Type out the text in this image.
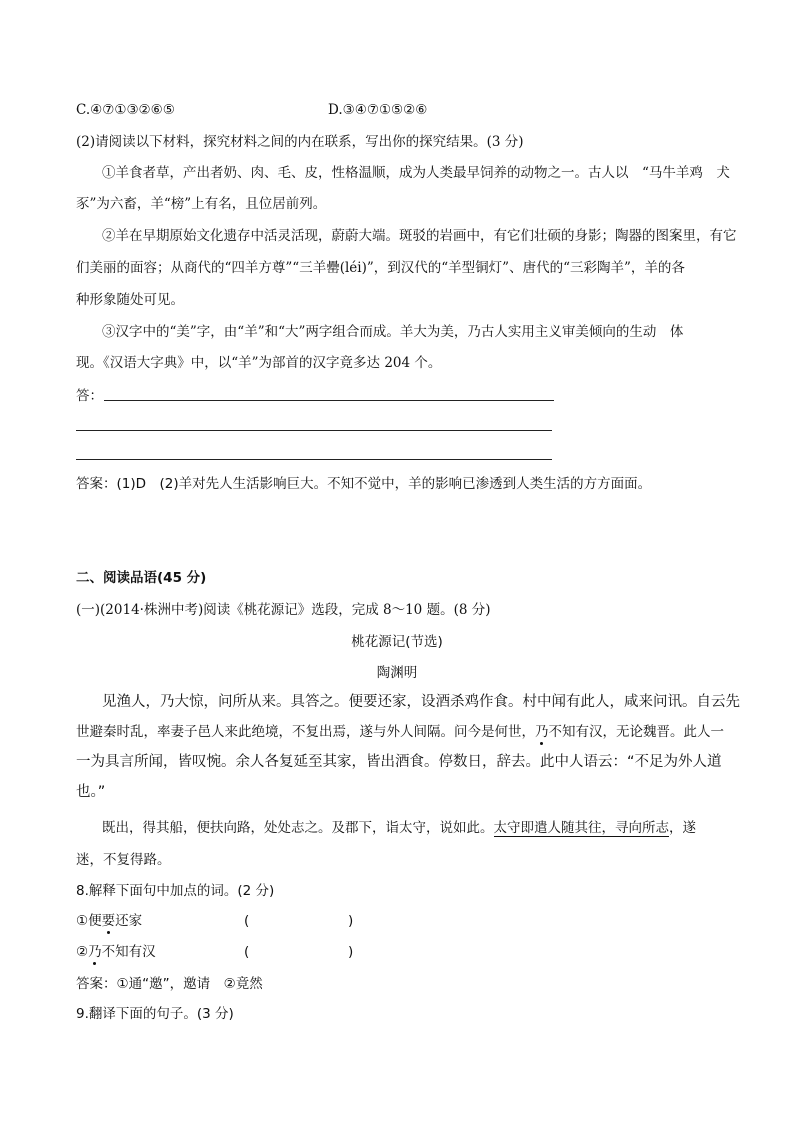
C.④⑦①③②⑥⑤	D.③④⑦①⑤②⑥
(2)请阅读以下材料，探究材料之间的内在联系，写出你的探究结果。(3 分)
①羊食者草，产出者奶、肉、毛、皮，性格温顺，成为人类最早饲养的动物之一。古人以　“马牛羊鸡　犬
豕”为六畜，羊“榜”上有名，且位居前列。
②羊在早期原始文化遗存中活灵活现，蔚蔚大端。斑驳的岩画中，有它们壮硕的身影；陶器的图案里，有它
们美丽的面容；从商代的“四羊方尊”“三羊罍(léi)”，到汉代的“羊型铜灯”、唐代的“三彩陶羊”，羊的各
种形象随处可见。
③汉字中的“美”字，由“羊”和“大”两字组合而成。羊大为美，乃古人实用主义审美倾向的生动　体
现。《汉语大字典》中，以“羊”为部首的汉字竟多达 204 个。
答：
答案：(1)D　(2)羊对先人生活影响巨大。不知不觉中，羊的影响已渗透到人类生活的方方面面。
二、阅读品语(45 分)
(一)(2014·株洲中考)阅读《桃花源记》选段，完成 8～10 题。(8 分)
桃花源记(节选)
陶渊明
见渔人，乃大惊，问所从来。具答之。便要还家，设酒杀鸡作食。村中闻有此人，咸来问讯。自云先
世避秦时乱，率妻子邑人来此绝境，不复出焉，遂与外人间隔。问今是何世，乃不知有汉，无论魏晋。此人一
一为具言所闻，皆叹惋。余人各复延至其家，皆出酒食。停数日，辞去。此中人语云：“不足为外人道
也。”
既出，得其船，便扶向路，处处志之。及郡下，诣太守，说如此。太守即遣人随其往，寻向所志，遂
迷，不复得路。
8.解释下面句中加点的词。(2 分)
①便要还家	(	)
②乃不知有汉	(	)
答案：①通“邀”，邀请　②竟然
9.翻译下面的句子。(3 分)
